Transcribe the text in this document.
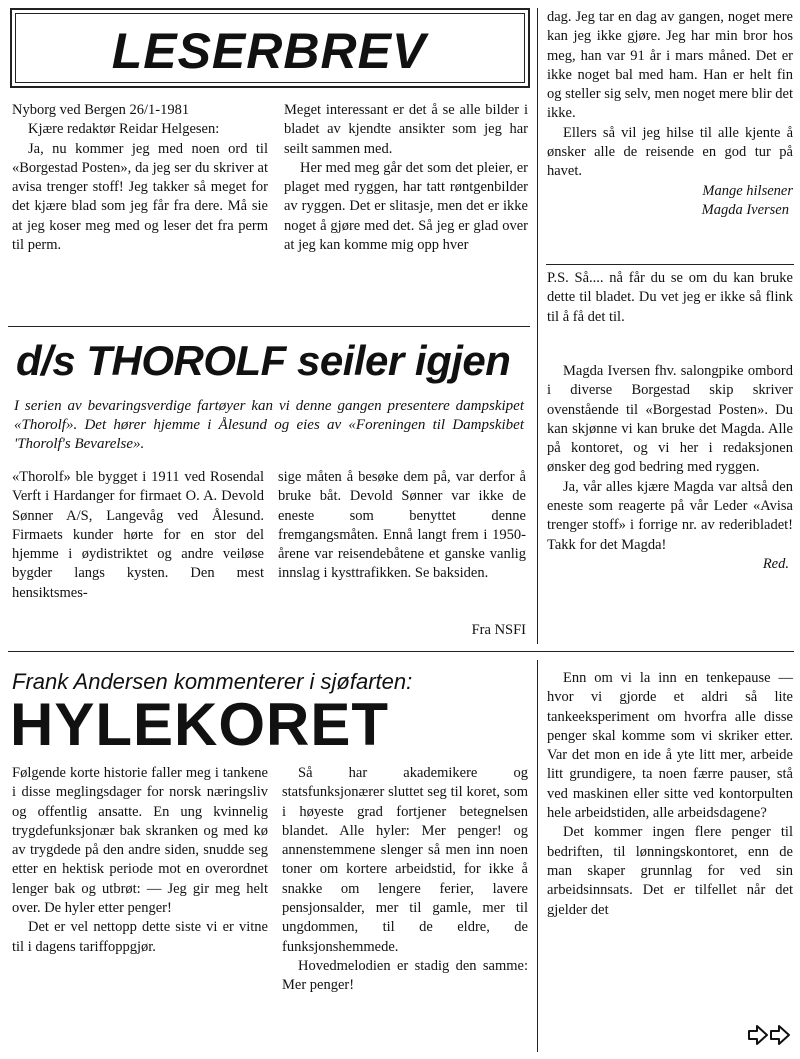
LESERBREV

Nyborg ved Bergen 26/1-1981

Kjære redaktør Reidar Helgesen:

Ja, nu kommer jeg med noen ord til «Borgestad Posten», da jeg ser du skriver at avisa trenger stoff! Jeg takker så meget for det kjære blad som jeg får fra dere. Må sie at jeg koser meg med og leser det fra perm til perm.

Meget interessant er det å se alle bilder i bladet av kjendte ansikter som jeg har seilt sammen med.

Her med meg går det som det pleier, er plaget med ryggen, har tatt røntgenbilder av ryggen. Det er slitasje, men det er ikke noget å gjøre med det. Så jeg er glad over at jeg kan komme mig opp hver

dag. Jeg tar en dag av gangen, noget mere kan jeg ikke gjøre. Jeg har min bror hos meg, han var 91 år i mars måned. Det er ikke noget bal med ham. Han er helt fin og steller sig selv, men noget mere blir det ikke.

Ellers så vil jeg hilse til alle kjente å ønsker alle de reisende en god tur på havet.

Mange hilsener

Magda Iversen

P.S. Så.... nå får du se om du kan bruke dette til bladet. Du vet jeg er ikke så flink til å få det til.

Magda Iversen fhv. salongpike ombord i diverse Borgestad skip skriver ovenstående til «Borgestad Posten». Du kan skjønne vi kan bruke det Magda. Alle på kontoret, og vi her i redaksjonen ønsker deg god bedring med ryggen.

Ja, vår alles kjære Magda var altså den eneste som reagerte på vår Leder «Avisa trenger stoff» i forrige nr. av rederibladet! Takk for det Magda!

Red.

d/s THOROLF seiler igjen
I serien av bevaringsverdige fartøyer kan vi denne gangen presentere dampskipet «Thorolf». Det hører hjemme i Ålesund og eies av «Foreningen til Dampskibet 'Thorolf's Bevarelse».

«Thorolf» ble bygget i 1911 ved Rosendal Verft i Hardanger for firmaet O. A. Devold Sønner A/S, Langevåg ved Ålesund. Firmaets kunder hørte for en stor del hjemme i øydistriktet og andre veiløse bygder langs kysten. Den mest hensiktsmes-

sige måten å besøke dem på, var derfor å bruke båt. Devold Sønner var ikke de eneste som benyttet denne fremgangsmåten. Ennå langt frem i 1950-årene var reisendebåtene et ganske vanlig innslag i kysttrafikken. Se baksiden.

Fra NSFI
Frank Andersen kommenterer i sjøfarten:
HYLEKORET

Følgende korte historie faller meg i tankene i disse meglingsdager for norsk næringsliv og offentlig ansatte. En ung kvinnelig trygdefunksjonær bak skranken og med kø av trygdede på den andre siden, snudde seg etter en hektisk periode mot en overordnet lenger bak og utbrøt: — Jeg gir meg helt over. De hyler etter penger!

Det er vel nettopp dette siste vi er vitne til i dagens tariffoppgjør.

Så har akademikere og statsfunksjonærer sluttet seg til koret, som i høyeste grad fortjener betegnelsen blandet. Alle hyler: Mer penger! og annenstemmene slenger så men inn noen toner om kortere arbeidstid, for ikke å snakke om lengere ferier, lavere pensjonsalder, mer til gamle, mer til ungdommen, til de eldre, de funksjonshemmede.

Hovedmelodien er stadig den samme: Mer penger!

Enn om vi la inn en tenkepause — hvor vi gjorde et aldri så lite tankeeksperiment om hvorfra alle disse penger skal komme som vi skriker etter. Var det mon en ide å yte litt mer, arbeide litt grundigere, ta noen færre pauser, stå ved maskinen eller sitte ved kontorpulten hele arbeidstiden, alle arbeidsdagene?

Det kommer ingen flere penger til bedriften, til lønningskontoret, enn de man skaper grunnlag for ved sin arbeidsinnsats. Det er tilfellet når det gjelder det
